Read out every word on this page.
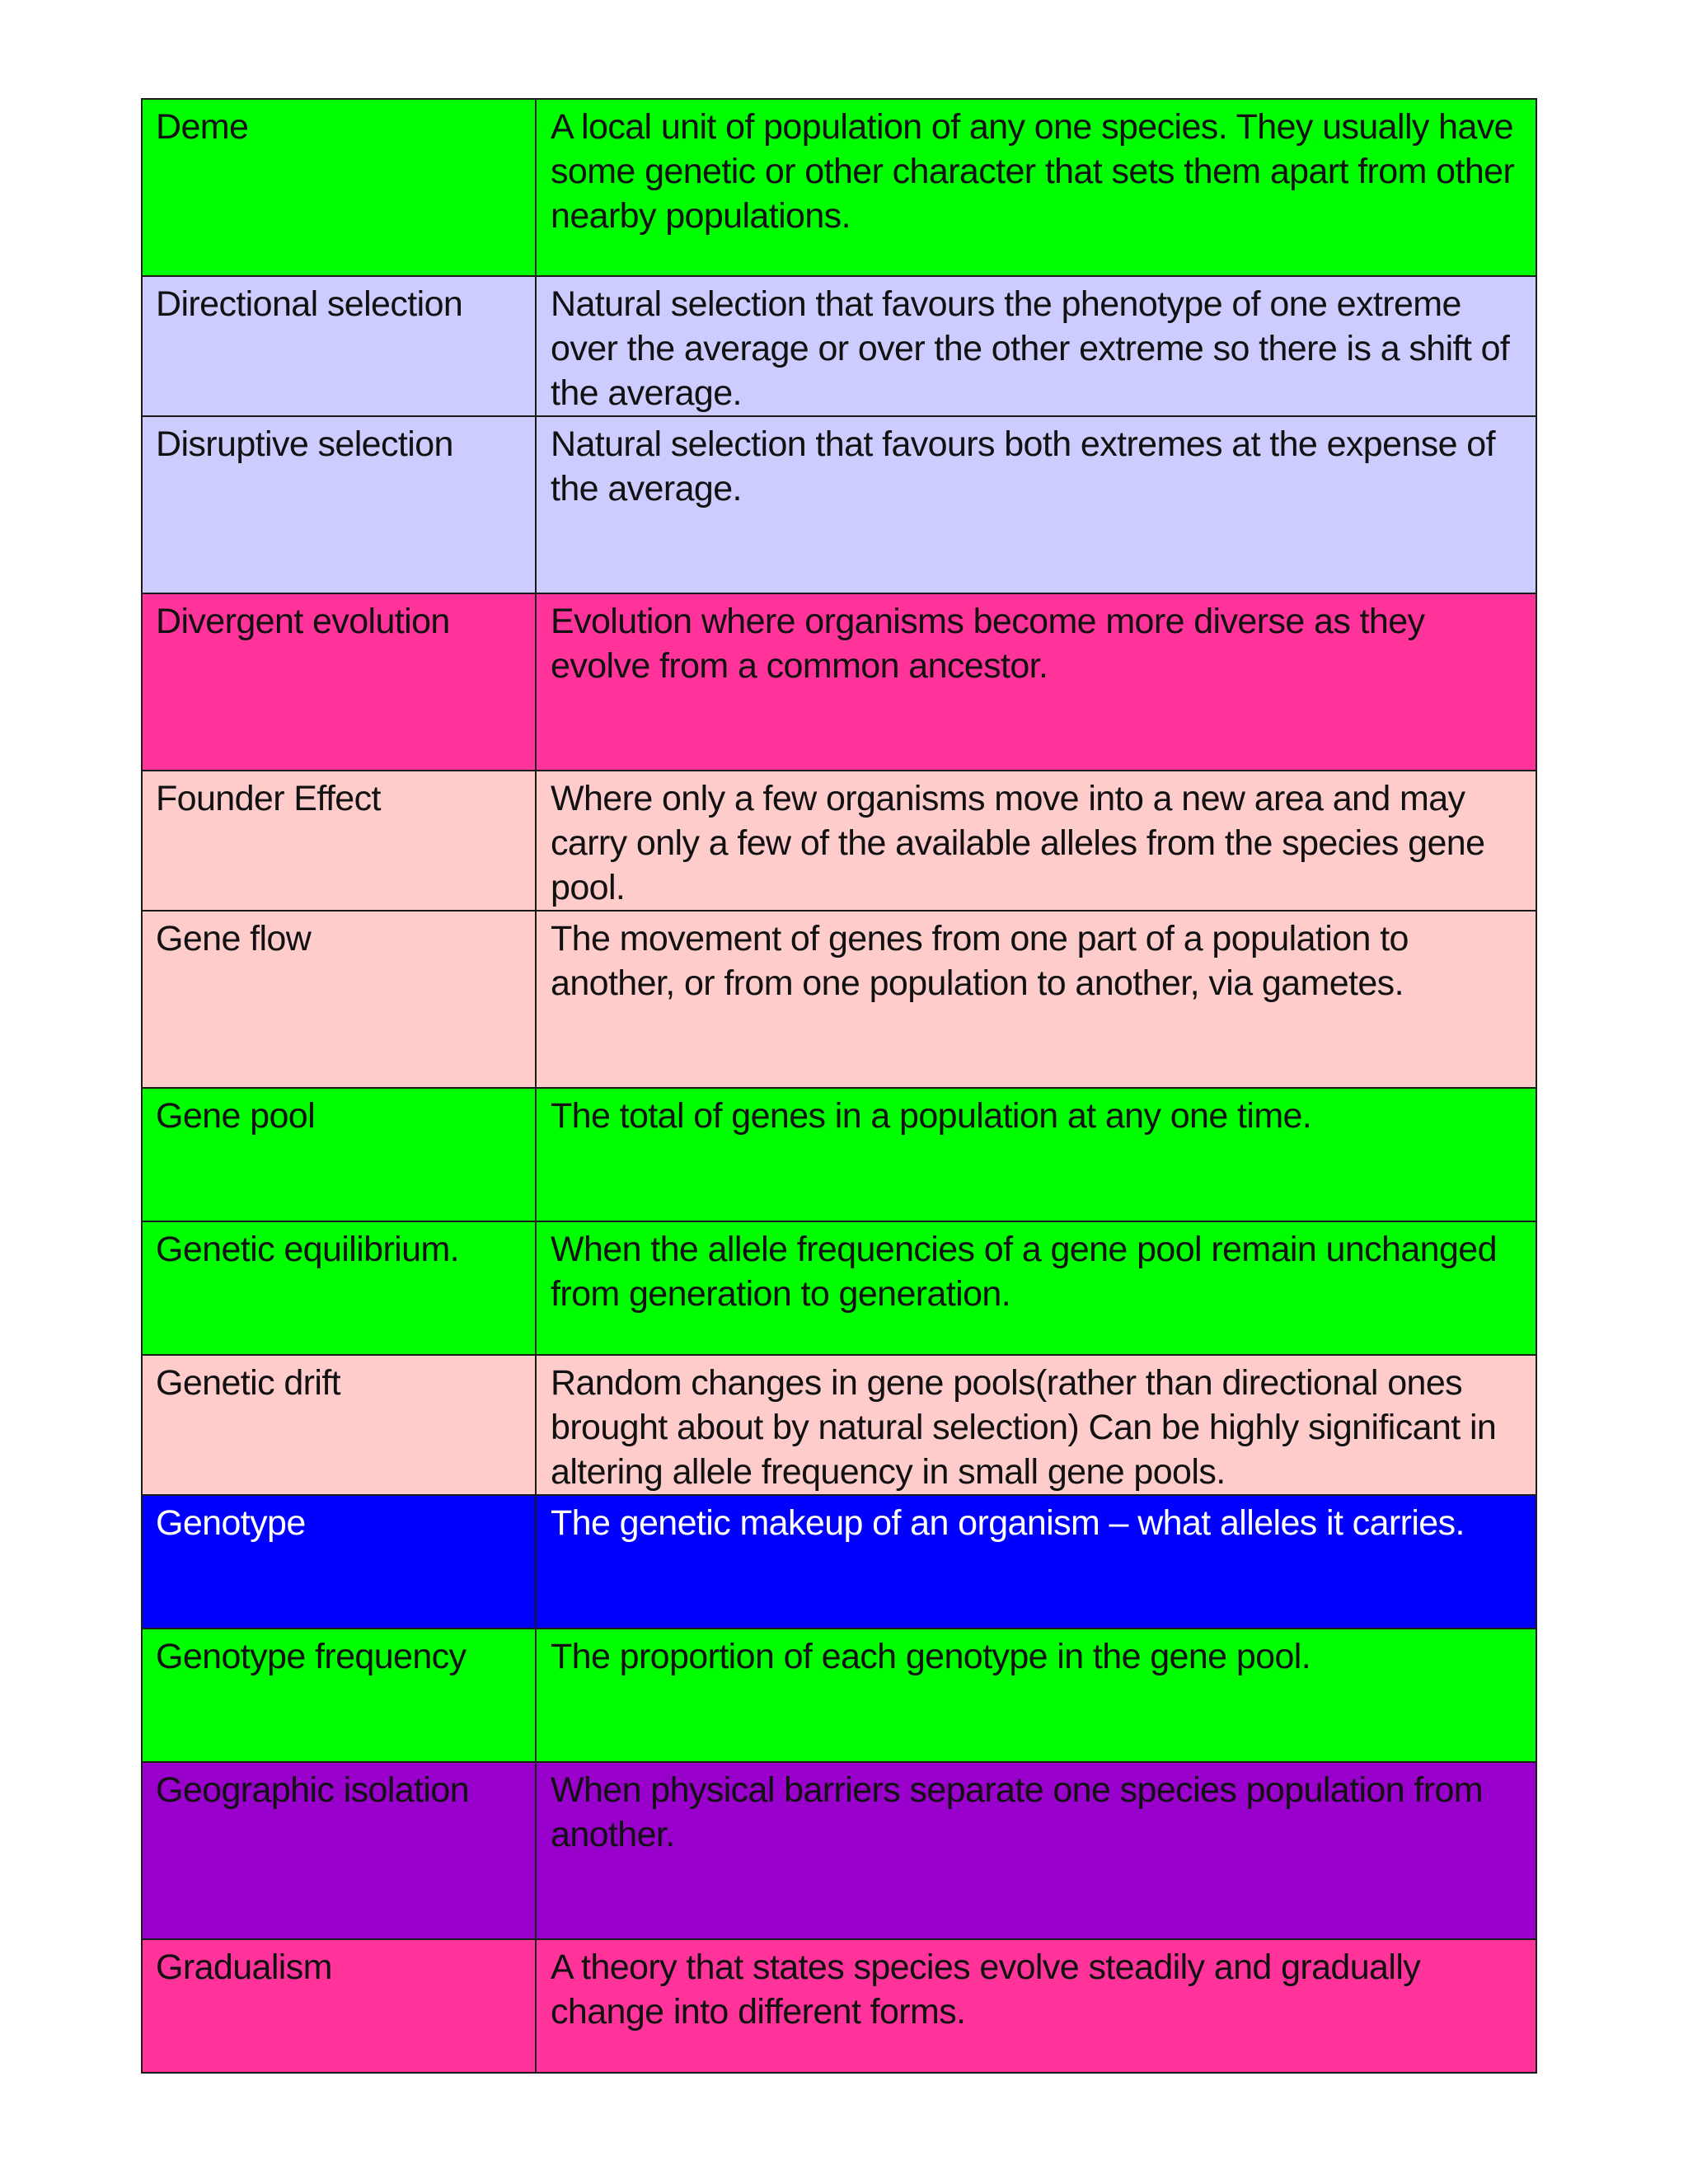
Deme	A local unit of population of any one species. They usually have some genetic or other character that sets them apart from other nearby populations.
Directional selection	Natural selection that favours the phenotype of one extreme over the average or over the other extreme so there is a shift of the average.
Disruptive selection	Natural selection that favours both extremes at the expense of the average.
Divergent evolution	Evolution where organisms become more diverse as they evolve from a common ancestor.
Founder Effect	Where only a few organisms move into a new area and may carry only a few of the available alleles from the species gene pool.
Gene flow	The movement of genes from one part of a population to another, or from one population to another, via gametes.
Gene pool	The total of genes in a population at any one time.
Genetic equilibrium.	When the allele frequencies of a gene pool remain unchanged from generation to generation.
Genetic drift	Random changes in gene pools(rather than directional ones brought about by natural selection) Can be highly significant in altering allele frequency in small gene pools.
Genotype	The genetic makeup of an organism – what alleles it carries.
Genotype frequency	The proportion of each genotype in the gene pool.
Geographic isolation	When physical barriers separate one species population from another.
Gradualism	A theory that states species evolve steadily and gradually change into different forms.
